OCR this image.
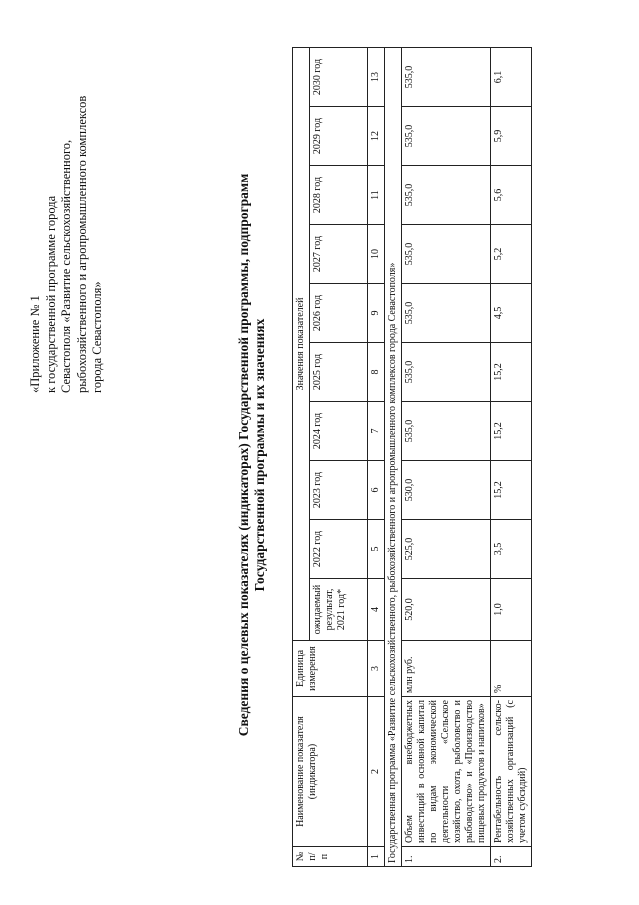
«Приложение № 1 к государственной программе города Севастополя «Развитие сельскохозяйственного, рыбохозяйственного и агропромышленного комплексов города Севастополя»	Сведения о целевых показателях (индикаторах) Государственной программы, подпрограмм Государственной программы и их значениях
№ п/п	Наименование показателя (индикатора)	Единица измерения	Значения показателей									
			ожидаемый результат, 2021 год*	2022 год	2023 год	2024 год	2025 год	2026 год	2027 год	2028 год	2029 год	2030 год
1	2	3	4	5	6	7	8	9	10	11	12	13
Государственная программа «Развитие сельскохозяйственного, рыбохозяйственного и агропромышленного комплексов города Севастополя»												
1.	Объем внебюджетных инвестиций в основной капитал по видам экономической деятельности «Сельское хозяйство, охота, рыболовство и рыбоводство» и «Производство пищевых продуктов и напитков»	млн руб.	520,0	525,0	530,0	535,0	535,0	535,0	535,0	535,0	535,0	535,0
2.	Рентабельность сельско-хозяйственных организаций (с учетом субсидий)	%	1,0	3,5	15,2	15,2	15,2	4,5	5,2	5,6	5,9	6,1
